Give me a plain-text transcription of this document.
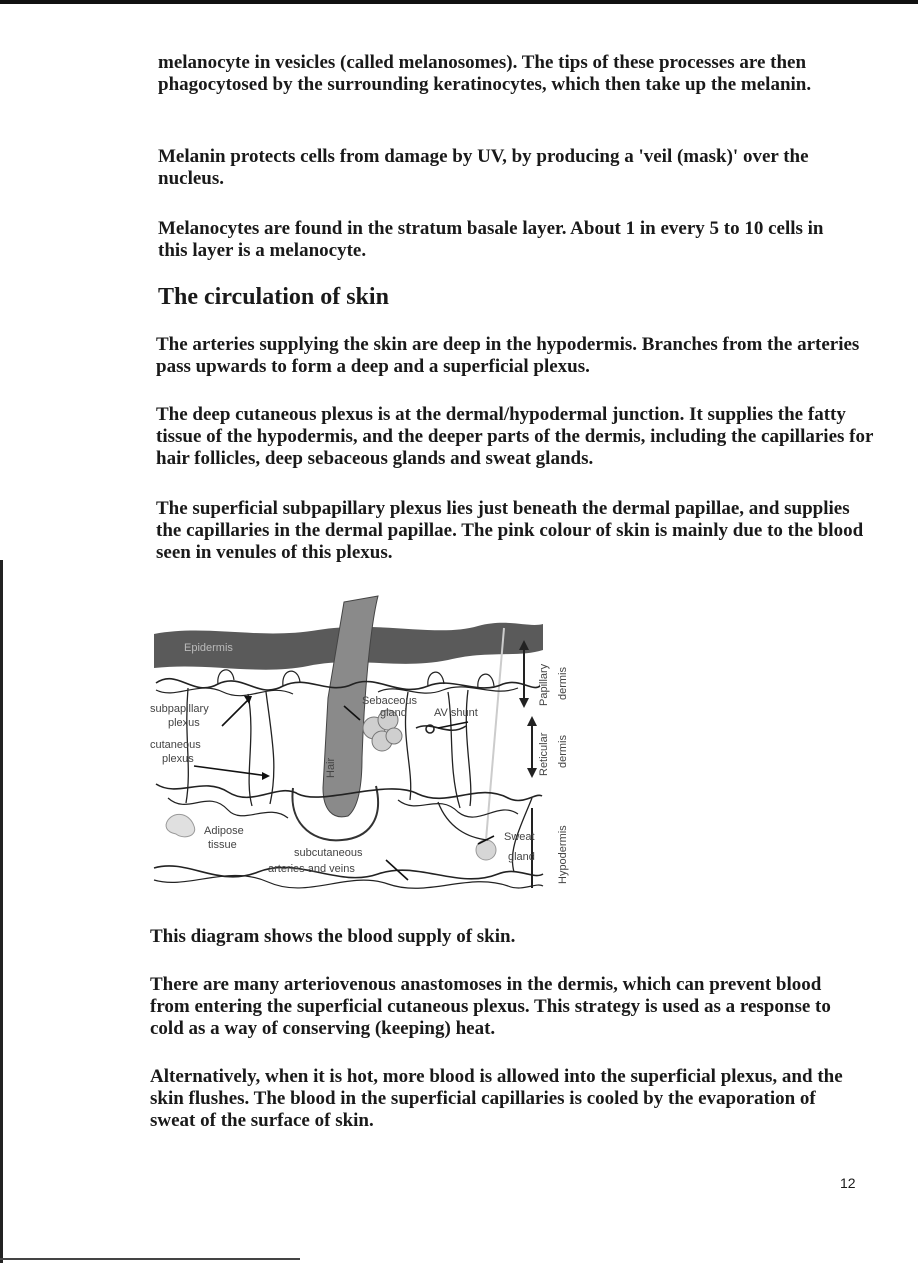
melanocyte in vesicles (called melanosomes). The tips of these processes are then phagocytosed by the surrounding keratinocytes, which then take up the melanin.

Melanin protects cells from damage by UV, by producing a 'veil (mask)' over the nucleus.

Melanocytes are found in the stratum basale layer. About 1 in every 5 to 10 cells in this layer is a melanocyte.

The circulation of skin

The arteries supplying the skin are deep in the hypodermis. Branches from the arteries pass upwards to form a deep and a superficial plexus.

The deep cutaneous plexus is at the dermal/hypodermal junction. It supplies the fatty tissue of the hypodermis, and the deeper parts of the dermis, including the capillaries for hair follicles, deep sebaceous glands and sweat glands.

The superficial subpapillary plexus lies just beneath the dermal papillae, and supplies the capillaries in the dermal papillae. The pink colour of skin is mainly due to the blood seen in venules of this plexus.

Epidermis
subpapillary
plexus
cutaneous
plexus	Hair
Sebaceous
gland AV shunt
Papillary dermis
Reticular dermis
Adipose
tissue
subcutaneous
arteries and veins
Sweat
gland Hypodermis

This diagram shows the blood supply of skin.

There are many arteriovenous anastomoses in the dermis, which can prevent blood from entering the superficial cutaneous plexus. This strategy is used as a response to cold as a way of conserving (keeping) heat.

Alternatively, when it is hot, more blood is allowed into the superficial plexus, and the skin flushes. The blood in the superficial capillaries is cooled by the evaporation of sweat of the surface of skin.

12
